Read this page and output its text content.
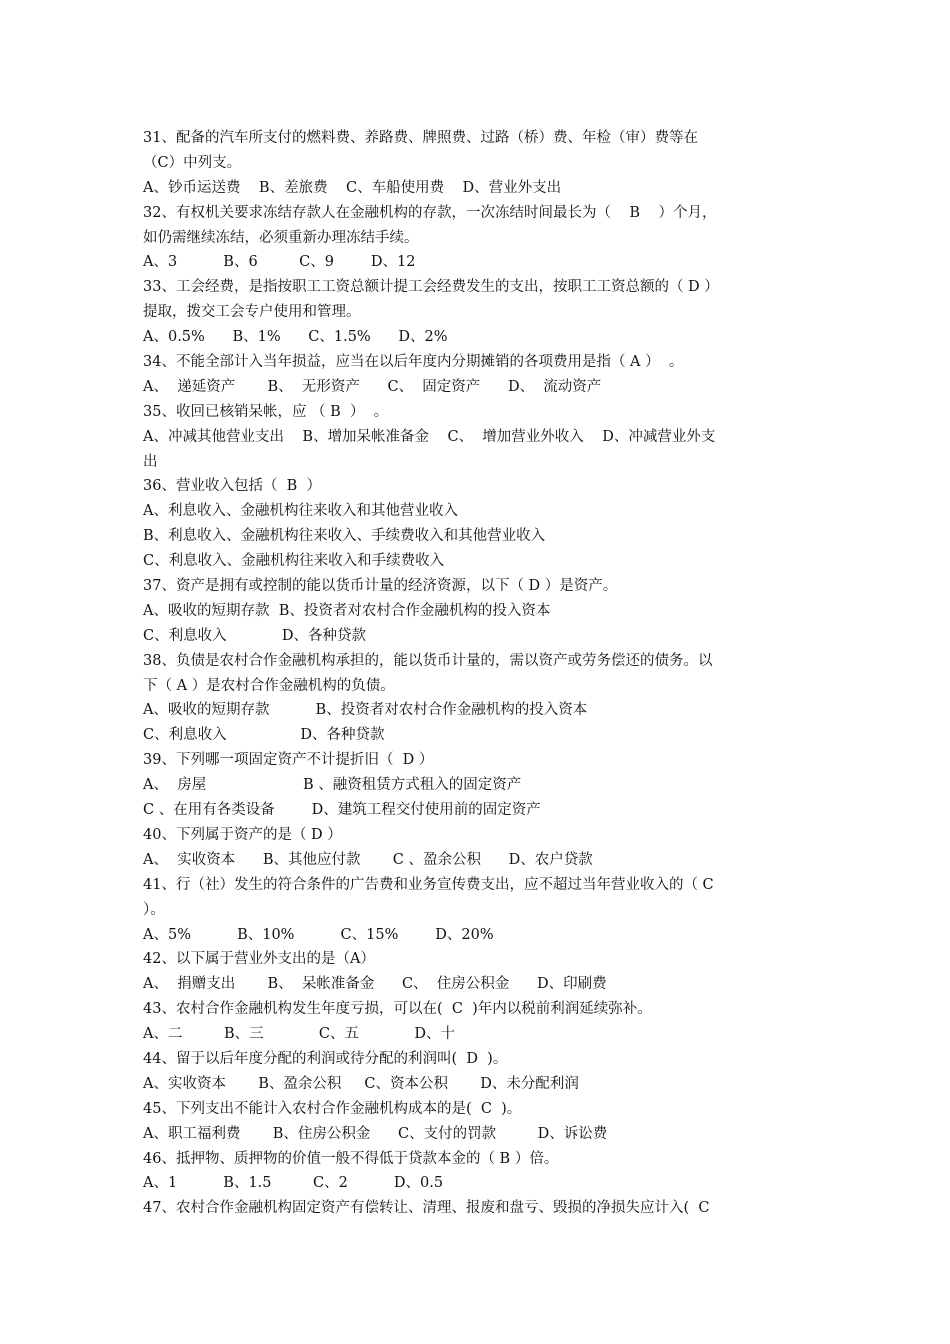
31、配备的汽车所支付的燃料费、养路费、牌照费、过路（桥）费、年检（审）费等在
（C）中列支。
A、钞币运送费    B、差旅费    C、车船使用费    D、营业外支出
32、有权机关要求冻结存款人在金融机构的存款，一次冻结时间最长为（    B    ）个月，
如仍需继续冻结，必须重新办理冻结手续。
A、3          B、6         C、9        D、12
33、工会经费，是指按职工工资总额计提工会经费发生的支出，按职工工资总额的（ D ）
提取，拨交工会专户使用和管理。
A、0.5%      B、1%      C、1.5%      D、2%
34、不能全部计入当年损益，应当在以后年度内分期摊销的各项费用是指（ A ）  。
A、  递延资产       B、  无形资产      C、  固定资产      D、  流动资产
35、收回已核销呆帐，应 （ B  ）  。
A、冲减其他营业支出    B、增加呆帐准备金    C、  增加营业外收入    D、冲减营业外支
出
36、营业收入包括（  B  ）
A、利息收入、金融机构往来收入和其他营业收入
B、利息收入、金融机构往来收入、手续费收入和其他营业收入
C、利息收入、金融机构往来收入和手续费收入
37、资产是拥有或控制的能以货币计量的经济资源，以下（ D ）是资产。
A、吸收的短期存款  B、投资者对农村合作金融机构的投入资本
C、利息收入            D、各种贷款
38、负债是农村合作金融机构承担的，能以货币计量的，需以资产或劳务偿还的债务。以
下（ A ）是农村合作金融机构的负债。
A、吸收的短期存款          B、投资者对农村合作金融机构的投入资本
C、利息收入                D、各种贷款
39、下列哪一项固定资产不计提折旧（  D ）
A、  房屋                     B 、融资租赁方式租入的固定资产
C 、在用有各类设备        D、建筑工程交付使用前的固定资产
40、下列属于资产的是（ D ）
A、  实收资本      B、其他应付款       C 、盈余公积      D、农户贷款
41、行（社）发生的符合条件的广告费和业务宣传费支出，应不超过当年营业收入的（ C
）。
A、5%          B、10%          C、15%        D、20%
42、以下属于营业外支出的是（A）
A、  捐赠支出       B、  呆帐准备金      C、  住房公积金      D、印刷费
43、农村合作金融机构发生年度亏损，可以在(  C  )年内以税前利润延续弥补。
A、二         B、三            C、五            D、十
44、留于以后年度分配的利润或待分配的利润叫(  D  )。
A、实收资本       B、盈余公积     C、资本公积       D、未分配利润
45、下列支出不能计入农村合作金融机构成本的是(  C  )。
A、职工福利费       B、住房公积金      C、支付的罚款         D、诉讼费
46、抵押物、质押物的价值一般不得低于贷款本金的（ B ）倍。
A、1          B、1.5         C、2          D、0.5
47、农村合作金融机构固定资产有偿转让、清理、报废和盘亏、毁损的净损失应计入(  C
